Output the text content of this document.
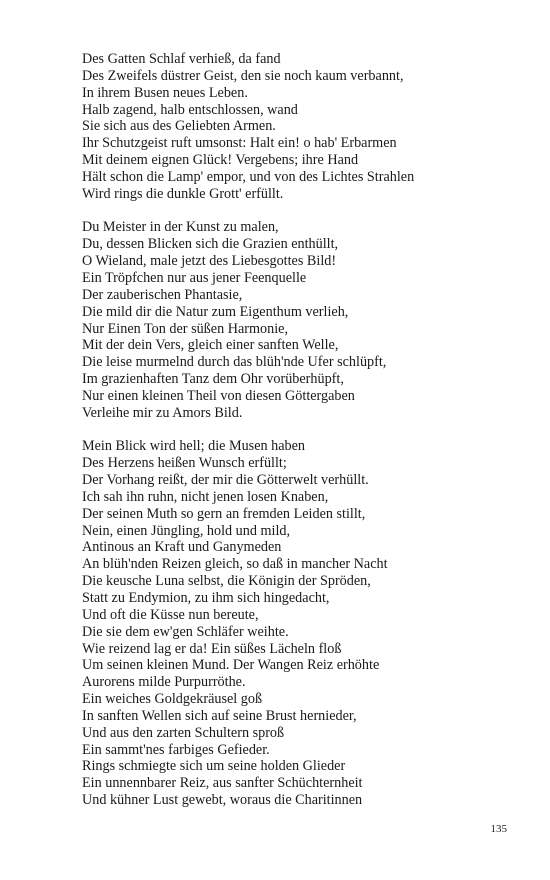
Des Gatten Schlaf verhieß, da fand
Des Zweifels düstrer Geist, den sie noch kaum verbannt,
In ihrem Busen neues Leben.
Halb zagend, halb entschlossen, wand
Sie sich aus des Geliebten Armen.
Ihr Schutzgeist ruft umsonst: Halt ein! o hab' Erbarmen
Mit deinem eignen Glück! Vergebens; ihre Hand
Hält schon die Lamp' empor, und von des Lichtes Strahlen
Wird rings die dunkle Grott' erfüllt.
Du Meister in der Kunst zu malen,
Du, dessen Blicken sich die Grazien enthüllt,
O Wieland, male jetzt des Liebesgottes Bild!
Ein Tröpfchen nur aus jener Feenquelle
Der zauberischen Phantasie,
Die mild dir die Natur zum Eigenthum verlieh,
Nur Einen Ton der süßen Harmonie,
Mit der dein Vers, gleich einer sanften Welle,
Die leise murmelnd durch das blüh'nde Ufer schlüpft,
Im grazienhaften Tanz dem Ohr vorüberhüpft,
Nur einen kleinen Theil von diesen Göttergaben
Verleihe mir zu Amors Bild.
Mein Blick wird hell; die Musen haben
Des Herzens heißen Wunsch erfüllt;
Der Vorhang reißt, der mir die Götterwelt verhüllt.
Ich sah ihn ruhn, nicht jenen losen Knaben,
Der seinen Muth so gern an fremden Leiden stillt,
Nein, einen Jüngling, hold und mild,
Antinous an Kraft und Ganymeden
An blüh'nden Reizen gleich, so daß in mancher Nacht
Die keusche Luna selbst, die Königin der Spröden,
Statt zu Endymion, zu ihm sich hingedacht,
Und oft die Küsse nun bereute,
Die sie dem ew'gen Schläfer weihte.
Wie reizend lag er da! Ein süßes Lächeln floß
Um seinen kleinen Mund. Der Wangen Reiz erhöhte
Aurorens milde Purpurröthe.
Ein weiches Goldgekräusel goß
In sanften Wellen sich auf seine Brust hernieder,
Und aus den zarten Schultern sproß
Ein sammt'nes farbiges Gefieder.
Rings schmiegte sich um seine holden Glieder
Ein unnennbarer Reiz, aus sanfter Schüchternheit
Und kühner Lust gewebt, woraus die Charitinnen
135
